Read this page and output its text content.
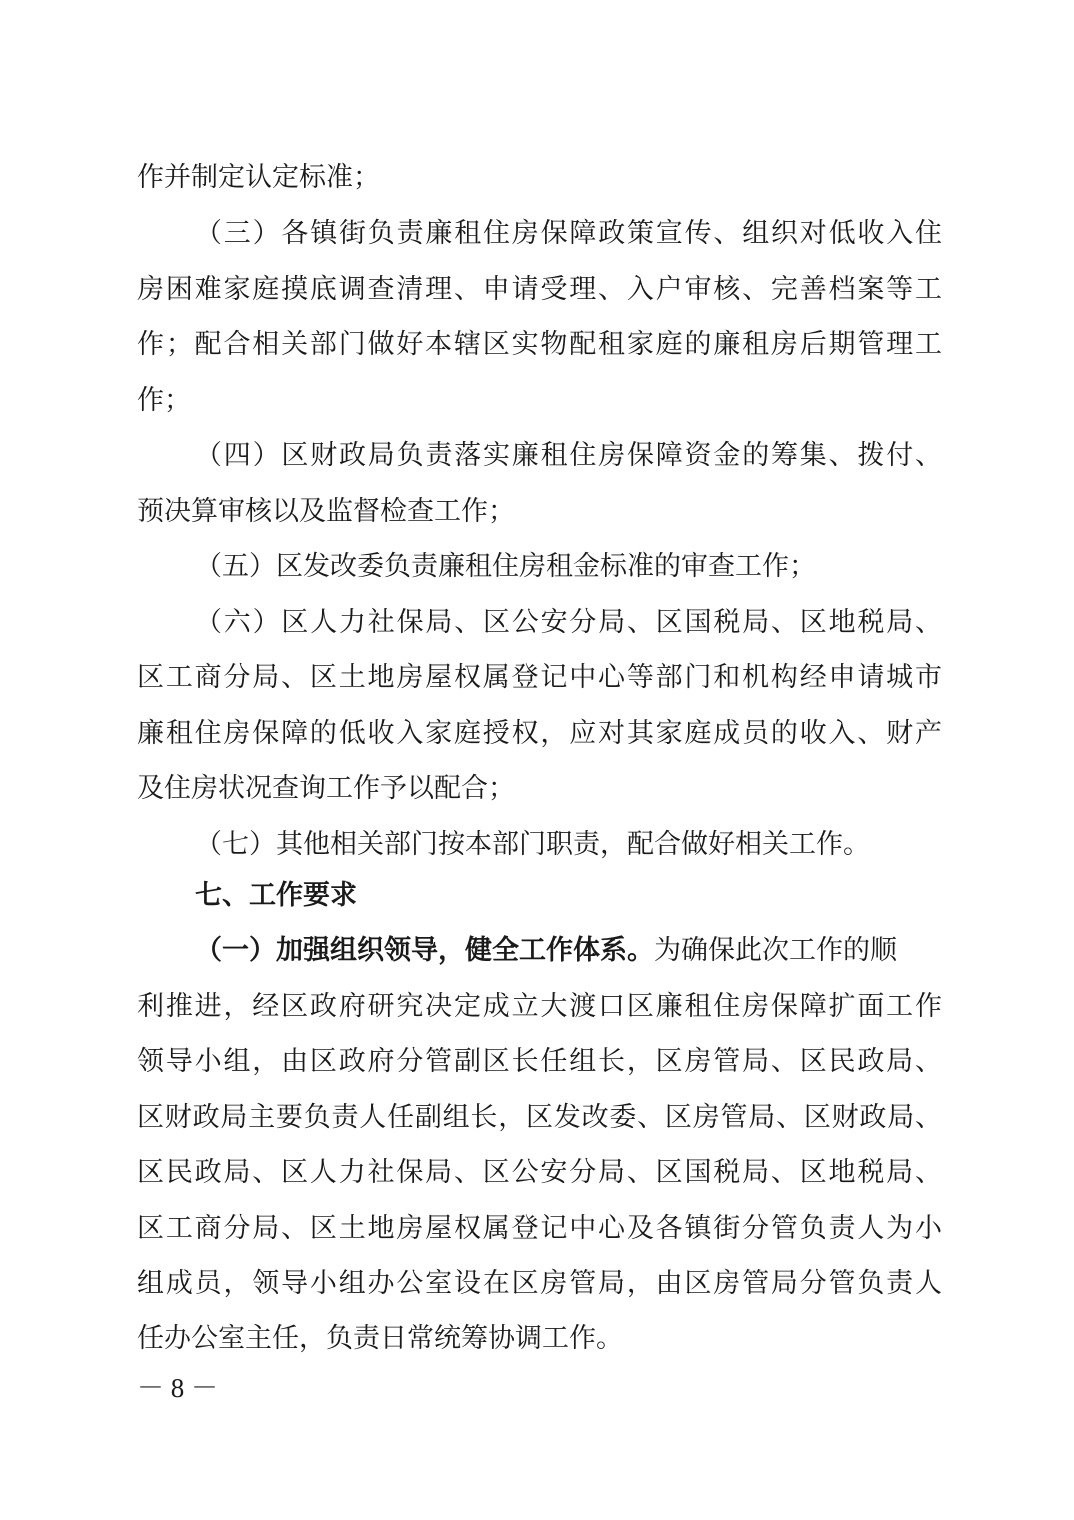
作并制定认定标准；
（三）各镇街负责廉租住房保障政策宣传、组织对低收入住
房困难家庭摸底调查清理、申请受理、入户审核、完善档案等工
作；配合相关部门做好本辖区实物配租家庭的廉租房后期管理工
作；
（四）区财政局负责落实廉租住房保障资金的筹集、拨付、
预决算审核以及监督检查工作；
（五）区发改委负责廉租住房租金标准的审查工作；
（六）区人力社保局、区公安分局、区国税局、区地税局、
区工商分局、区土地房屋权属登记中心等部门和机构经申请城市
廉租住房保障的低收入家庭授权，应对其家庭成员的收入、财产
及住房状况查询工作予以配合；
（七）其他相关部门按本部门职责，配合做好相关工作。
七、工作要求
（一）加强组织领导，健全工作体系。为确保此次工作的顺
利推进，经区政府研究决定成立大渡口区廉租住房保障扩面工作
领导小组，由区政府分管副区长任组长，区房管局、区民政局、
区财政局主要负责人任副组长，区发改委、区房管局、区财政局、
区民政局、区人力社保局、区公安分局、区国税局、区地税局、
区工商分局、区土地房屋权属登记中心及各镇街分管负责人为小
组成员，领导小组办公室设在区房管局，由区房管局分管负责人
任办公室主任，负责日常统筹协调工作。
－ 8 －
